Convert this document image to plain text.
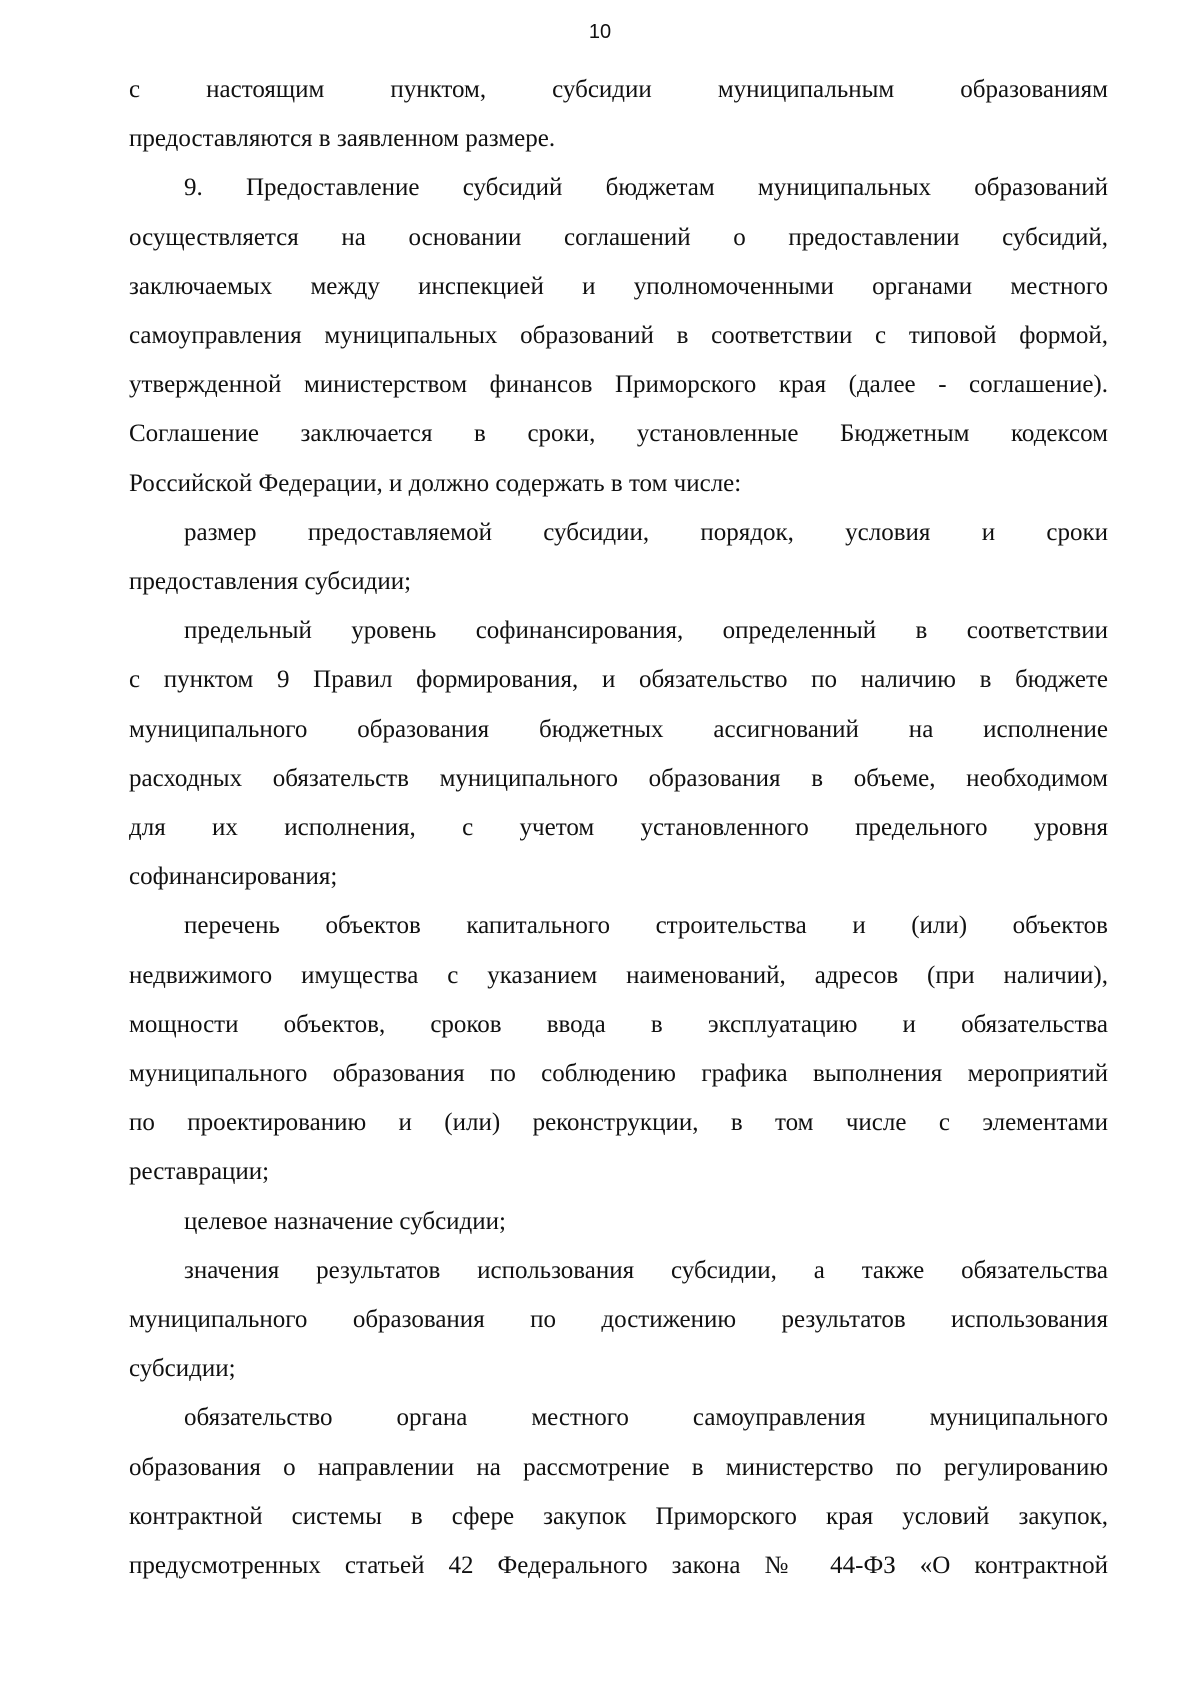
10

с настоящим пунктом, субсидии муниципальным образованиям
предоставляются в заявленном размере.

9. Предоставление субсидий бюджетам муниципальных образований
осуществляется на основании соглашений о предоставлении субсидий,
заключаемых между инспекцией и уполномоченными органами местного
самоуправления муниципальных образований в соответствии с типовой формой,
утвержденной министерством финансов Приморского края (далее - соглашение).
Соглашение заключается в сроки, установленные Бюджетным кодексом
Российской Федерации, и должно содержать в том числе:

размер предоставляемой субсидии, порядок, условия и сроки
предоставления субсидии;

предельный уровень софинансирования, определенный в соответствии
с пунктом 9 Правил формирования, и обязательство по наличию в бюджете
муниципального образования бюджетных ассигнований на исполнение
расходных обязательств муниципального образования в объеме, необходимом
для их исполнения, с учетом установленного предельного уровня
софинансирования;

перечень объектов капитального строительства и (или) объектов
недвижимого имущества с указанием наименований, адресов (при наличии),
мощности объектов, сроков ввода в эксплуатацию и обязательства
муниципального образования по соблюдению графика выполнения мероприятий
по проектированию и (или) реконструкции, в том числе с элементами
реставрации;

целевое назначение субсидии;

значения результатов использования субсидии, а также обязательства
муниципального образования по достижению результатов использования
субсидии;

обязательство органа местного самоуправления муниципального
образования о направлении на рассмотрение в министерство по регулированию
контрактной системы в сфере закупок Приморского края условий закупок,
предусмотренных статьей 42 Федерального закона № 44-ФЗ «О контрактной
